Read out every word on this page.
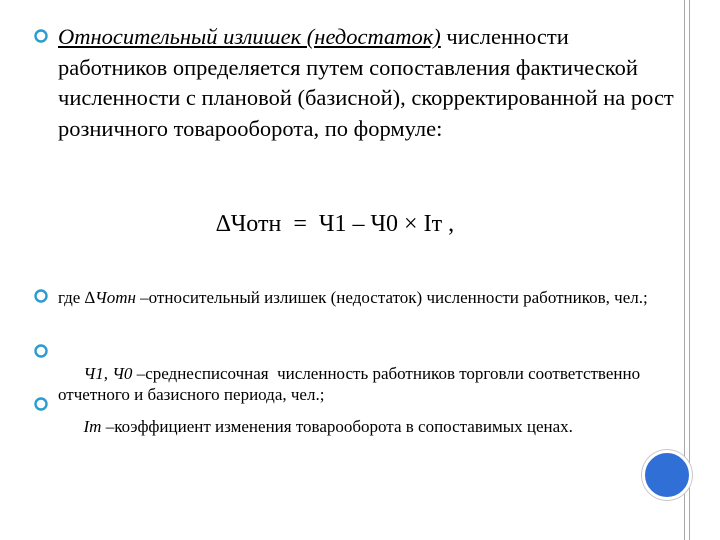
Относительный излишек (недостаток) численности работников определяется путем сопоставления фактической численности с плановой (базисной), скорректированной на рост розничного товарооборота, по формуле:
∆Чотн  =  Ч1 – Ч0 × Iт ,
где ∆Чотн –относительный излишек (недостаток) численности работников, чел.;

Ч1, Ч0 –среднесписочная  численность работников торговли соответственно отчетного и базисного периода, чел.;

Iт –коэффициент изменения товарооборота в сопоставимых ценах.
